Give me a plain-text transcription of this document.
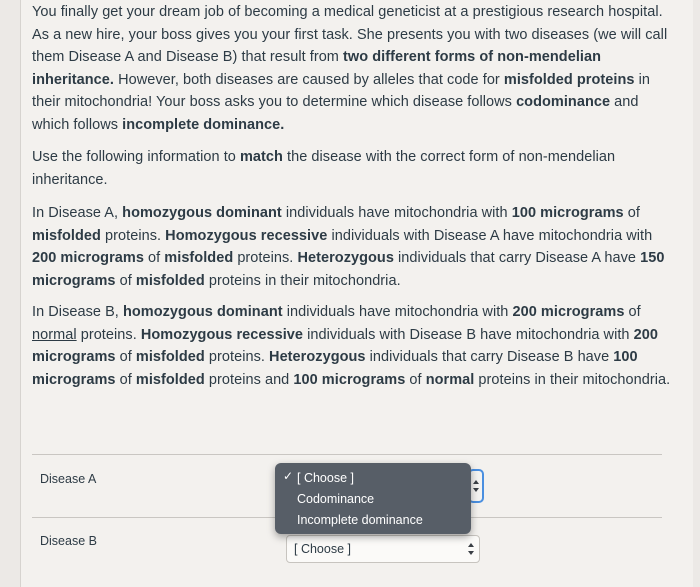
You finally get your dream job of becoming a medical geneticist at a prestigious research hospital. As a new hire, your boss gives you your first task. She presents you with two diseases (we will call them Disease A and Disease B) that result from two different forms of non-mendelian inheritance. However, both diseases are caused by alleles that code for misfolded proteins in their mitochondria! Your boss asks you to determine which disease follows codominance and which follows incomplete dominance.

Use the following information to match the disease with the correct form of non-mendelian inheritance.

In Disease A, homozygous dominant individuals have mitochondria with 100 micrograms of misfolded proteins. Homozygous recessive individuals with Disease A have mitochondria with 200 micrograms of misfolded proteins. Heterozygous individuals that carry Disease A have 150 micrograms of misfolded proteins in their mitochondria.

In Disease B, homozygous dominant individuals have mitochondria with 200 micrograms of normal proteins. Homozygous recessive individuals with Disease B have mitochondria with 200 micrograms of misfolded proteins. Heterozygous individuals that carry Disease B have 100 micrograms of misfolded proteins and 100 micrograms of normal proteins in their mitochondria.

Disease A
Disease B
[ Choose ]
✓ [ Choose ]
Codominance
Incomplete dominance
